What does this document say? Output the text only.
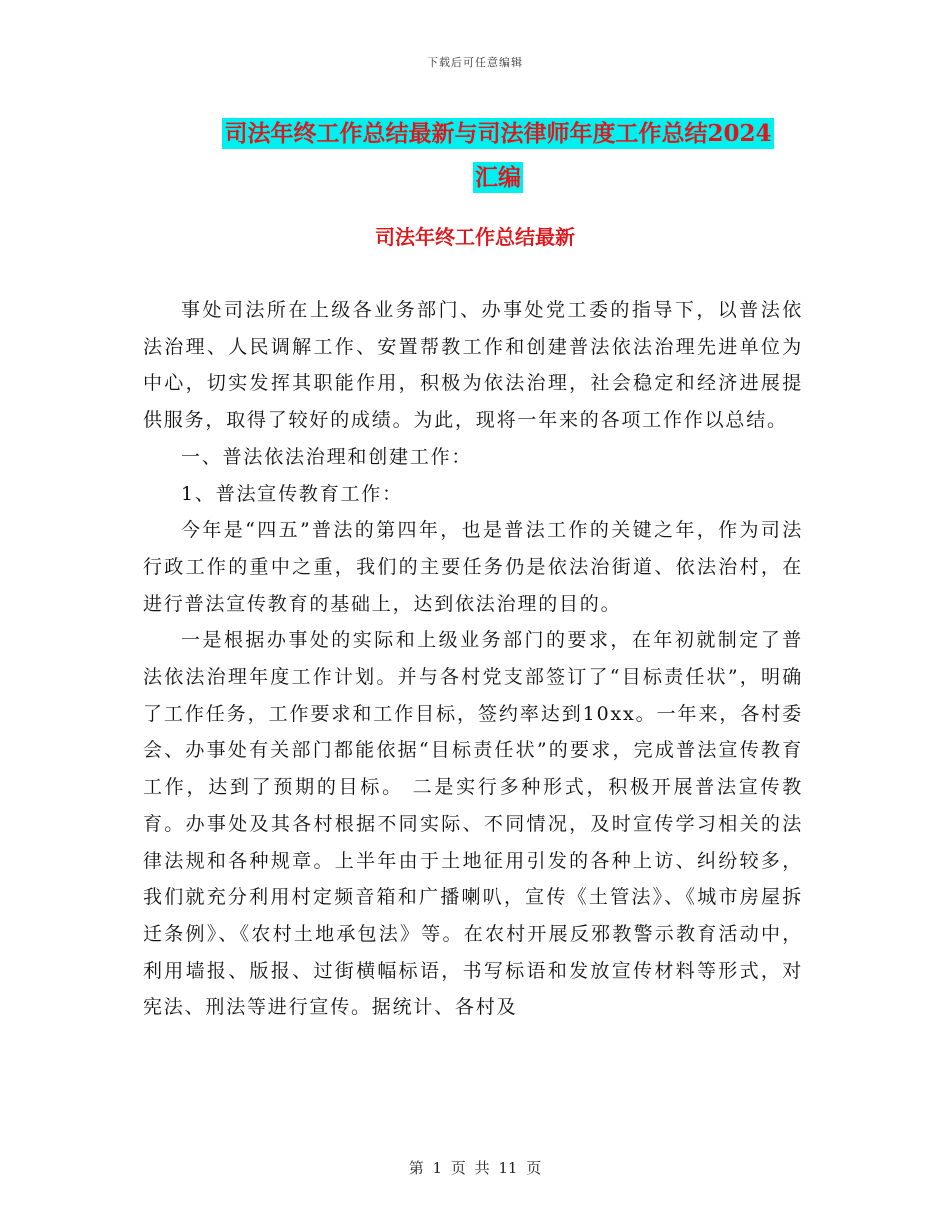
下载后可任意编辑
司法年终工作总结最新与司法律师年度工作总结2024
汇编
司法年终工作总结最新

事处司法所在上级各业务部门、办事处党工委的指导下，以普法依法治理、人民调解工作、安置帮教工作和创建普法依法治理先进单位为中心，切实发挥其职能作用，积极为依法治理，社会稳定和经济进展提供服务，取得了较好的成绩。为此，现将一年来的各项工作作以总结。

一、普法依法治理和创建工作：

1、普法宣传教育工作：

今年是“四五”普法的第四年，也是普法工作的关键之年，作为司法行政工作的重中之重，我们的主要任务仍是依法治街道、依法治村，在进行普法宣传教育的基础上，达到依法治理的目的。

一是根据办事处的实际和上级业务部门的要求，在年初就制定了普法依法治理年度工作计划。并与各村党支部签订了“目标责任状”，明确了工作任务，工作要求和工作目标，签约率达到10xx。一年来，各村委会、办事处有关部门都能依据“目标责任状”的要求，完成普法宣传教育工作，达到了预期的目标。 二是实行多种形式，积极开展普法宣传教育。办事处及其各村根据不同实际、不同情况，及时宣传学习相关的法律法规和各种规章。上半年由于土地征用引发的各种上访、纠纷较多，我们就充分利用村定频音箱和广播喇叭，宣传《土管法》、《城市房屋拆迁条例》、《农村土地承包法》等。在农村开展反邪教警示教育活动中，利用墙报、版报、过街横幅标语，书写标语和发放宣传材料等形式，对宪法、刑法等进行宣传。据统计、各村及

第 1 页 共 11 页
